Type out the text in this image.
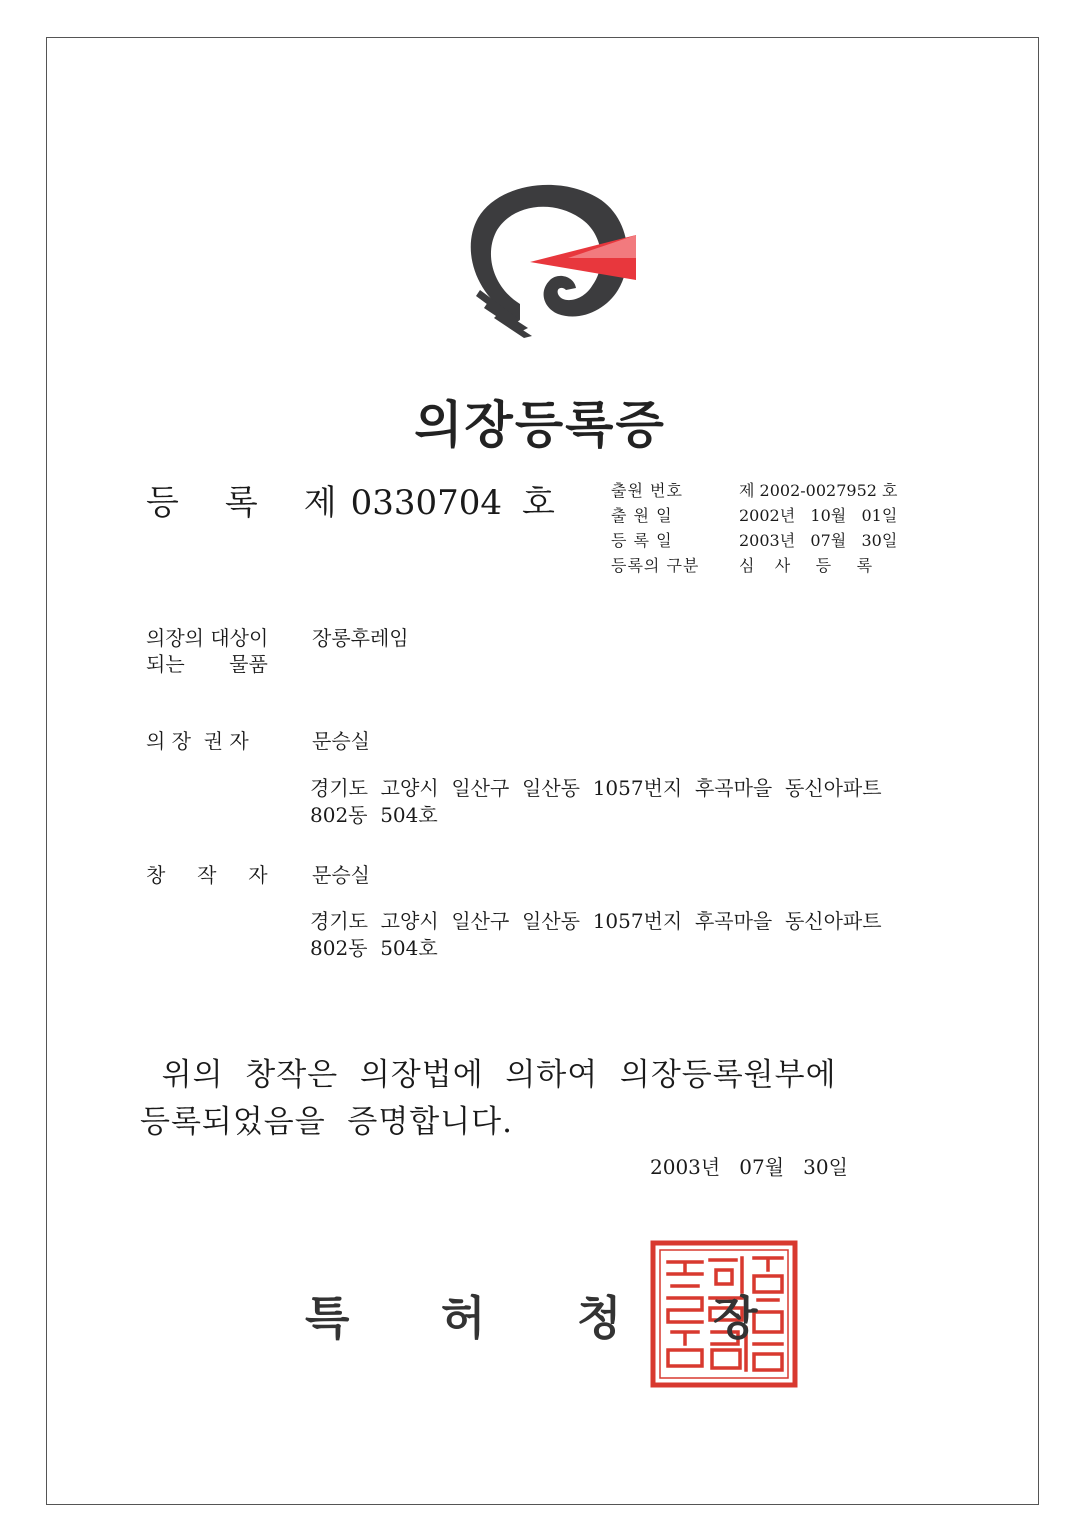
의장등록증
등 록 제 0330704 호	출원 번호	제 2002-0027952 호
출 원 일	2002년   10월   01일
등 록 일	2003년   07월   30일
등록의 구분	심    사     등     록
의장의 대상이
되는       물품
장롱후레임
의 장  권 자	문승실
경기도  고양시  일산구  일산동  1057번지  후곡마을  동신아파트
802동  504호
창     작     자 문승실
경기도  고양시  일산구  일산동  1057번지  후곡마을  동신아파트
802동  504호
위의  창작은  의장법에  의하여  의장등록원부에
등록되었음을  증명합니다.
2003년   07월   30일
특 허 청 장
